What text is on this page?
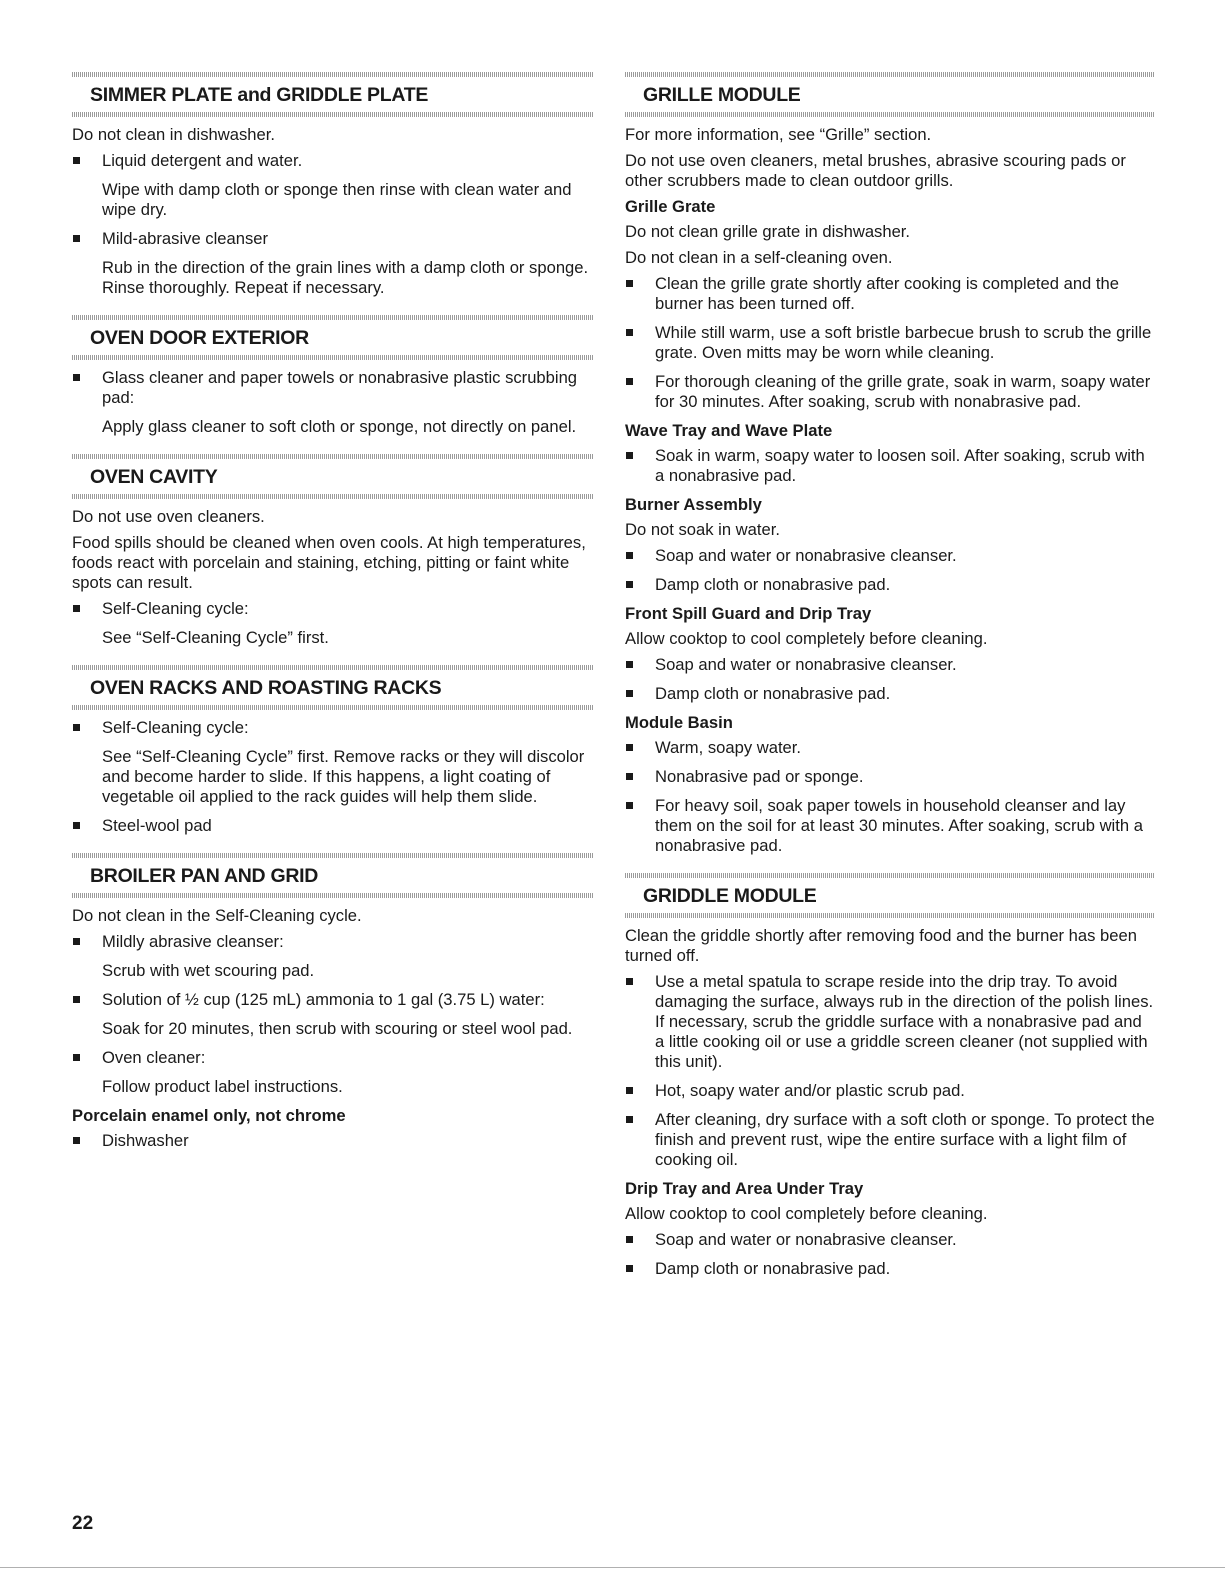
SIMMER PLATE and GRIDDLE PLATE

Do not clean in dishwasher.

Liquid detergent and water.

Wipe with damp cloth or sponge then rinse with clean water and wipe dry.

Mild-abrasive cleanser

Rub in the direction of the grain lines with a damp cloth or sponge. Rinse thoroughly. Repeat if necessary.

OVEN DOOR EXTERIOR

Glass cleaner and paper towels or nonabrasive plastic scrubbing pad:

Apply glass cleaner to soft cloth or sponge, not directly on panel.

OVEN CAVITY

Do not use oven cleaners.

Food spills should be cleaned when oven cools. At high temperatures, foods react with porcelain and staining, etching, pitting or faint white spots can result.

Self-Cleaning cycle:

See “Self-Cleaning Cycle” first.

OVEN RACKS AND ROASTING RACKS

Self-Cleaning cycle:

See “Self-Cleaning Cycle” first. Remove racks or they will discolor and become harder to slide. If this happens, a light coating of vegetable oil applied to the rack guides will help them slide.

Steel-wool pad

BROILER PAN AND GRID

Do not clean in the Self-Cleaning cycle.

Mildly abrasive cleanser:

Scrub with wet scouring pad.

Solution of ½ cup (125 mL) ammonia to 1 gal (3.75 L) water:

Soak for 20 minutes, then scrub with scouring or steel wool pad.

Oven cleaner:

Follow product label instructions.

Porcelain enamel only, not chrome

Dishwasher

GRILLE MODULE

For more information, see “Grille” section.

Do not use oven cleaners, metal brushes, abrasive scouring pads or other scrubbers made to clean outdoor grills.

Grille Grate

Do not clean grille grate in dishwasher.

Do not clean in a self-cleaning oven.

Clean the grille grate shortly after cooking is completed and the burner has been turned off.

While still warm, use a soft bristle barbecue brush to scrub the grille grate. Oven mitts may be worn while cleaning.

For thorough cleaning of the grille grate, soak in warm, soapy water for 30 minutes. After soaking, scrub with nonabrasive pad.

Wave Tray and Wave Plate

Soak in warm, soapy water to loosen soil. After soaking, scrub with a nonabrasive pad.

Burner Assembly

Do not soak in water.

Soap and water or nonabrasive cleanser.

Damp cloth or nonabrasive pad.

Front Spill Guard and Drip Tray

Allow cooktop to cool completely before cleaning.

Soap and water or nonabrasive cleanser.

Damp cloth or nonabrasive pad.

Module Basin

Warm, soapy water.

Nonabrasive pad or sponge.

For heavy soil, soak paper towels in household cleanser and lay them on the soil for at least 30 minutes. After soaking, scrub with a nonabrasive pad.

GRIDDLE MODULE

Clean the griddle shortly after removing food and the burner has been turned off.

Use a metal spatula to scrape reside into the drip tray. To avoid damaging the surface, always rub in the direction of the polish lines. If necessary, scrub the griddle surface with a nonabrasive pad and a little cooking oil or use a griddle screen cleaner (not supplied with this unit).

Hot, soapy water and/or plastic scrub pad.

After cleaning, dry surface with a soft cloth or sponge. To protect the finish and prevent rust, wipe the entire surface with a light film of cooking oil.

Drip Tray and Area Under Tray

Allow cooktop to cool completely before cleaning.

Soap and water or nonabrasive cleanser.

Damp cloth or nonabrasive pad.

22
